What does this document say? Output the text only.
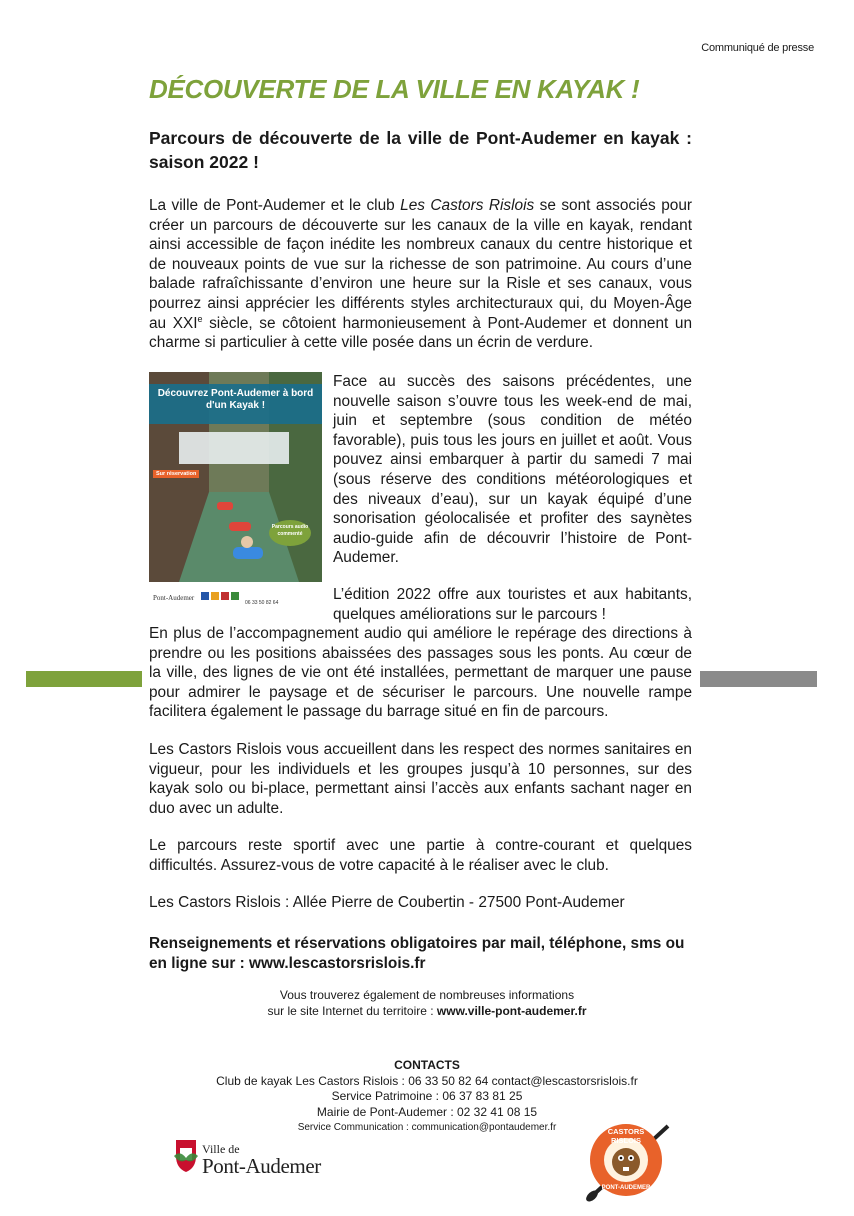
Communiqué de presse
DÉCOUVERTE DE LA VILLE EN KAYAK !
Parcours de découverte de la ville de Pont-Audemer en kayak : saison 2022 !
La ville de Pont-Audemer et le club Les Castors Rislois se sont associés pour créer un parcours de découverte sur les canaux de la ville en kayak, rendant ainsi accessible de façon inédite les nombreux canaux du centre historique et de nouveaux points de vue sur la richesse de son patrimoine. Au cours d’une balade rafraîchissante d’environ une heure sur la Risle et ses canaux, vous pourrez ainsi apprécier les différents styles architecturaux qui, du Moyen-Âge au XXIe siècle, se côtoient harmonieusement à Pont-Audemer et donnent un charme si particulier à cette ville posée dans un écrin de verdure.
Découvrez Pont-Audemer à bord d'un Kayak !
Sur réservation
Parcours audio commenté
Pont-Audemer
06 33 50 82 64
Face au succès des saisons précédentes, une nouvelle saison s’ouvre tous les week-end de mai, juin et septembre (sous condition de météo favorable), puis tous les jours en juillet et août. Vous pouvez ainsi embarquer à partir du samedi 7 mai (sous réserve des conditions météorologiques et des niveaux d’eau), sur un kayak équipé d’une sonorisation géolocalisée et profiter des saynètes audio-guide afin de découvrir l’histoire de Pont-Audemer.
L’édition 2022 offre aux touristes et aux habitants, quelques améliorations sur le parcours !
En plus de l’accompagnement audio qui améliore le repérage des directions à prendre ou les positions abaissées des passages sous les ponts. Au cœur de la ville, des lignes de vie ont été installées, permettant de marquer une pause pour admirer le paysage et de sécuriser le parcours. Une nouvelle rampe facilitera également le passage du barrage situé en fin de parcours.
Les Castors Rislois vous accueillent dans les respect des normes sanitaires en vigueur, pour les individuels et les groupes jusqu’à 10 personnes, sur des kayak solo ou bi-place, permettant ainsi l’accès aux enfants sachant nager en duo avec un adulte.
Le parcours reste sportif avec une partie à contre-courant et quelques difficultés. Assurez-vous de votre capacité à le réaliser avec le club.
Les Castors Rislois : Allée Pierre de Coubertin - 27500 Pont-Audemer
Renseignements et réservations obligatoires par mail, téléphone, sms ou en ligne sur : www.lescastorsrislois.fr
Vous trouverez également de nombreuses informations
sur le site Internet du territoire : www.ville-pont-audemer.fr
CONTACTS
Club de kayak Les Castors Rislois : 06 33 50 82 64 contact@lescastorsrislois.fr
Service Patrimoine : 06 37 83 81 25
Mairie de Pont-Audemer : 02 32 41 08 15
Service Communication : communication@pontaudemer.fr
Ville de
Pont-Audemer
CASTORS RISLOIS
PONT-AUDEMER
